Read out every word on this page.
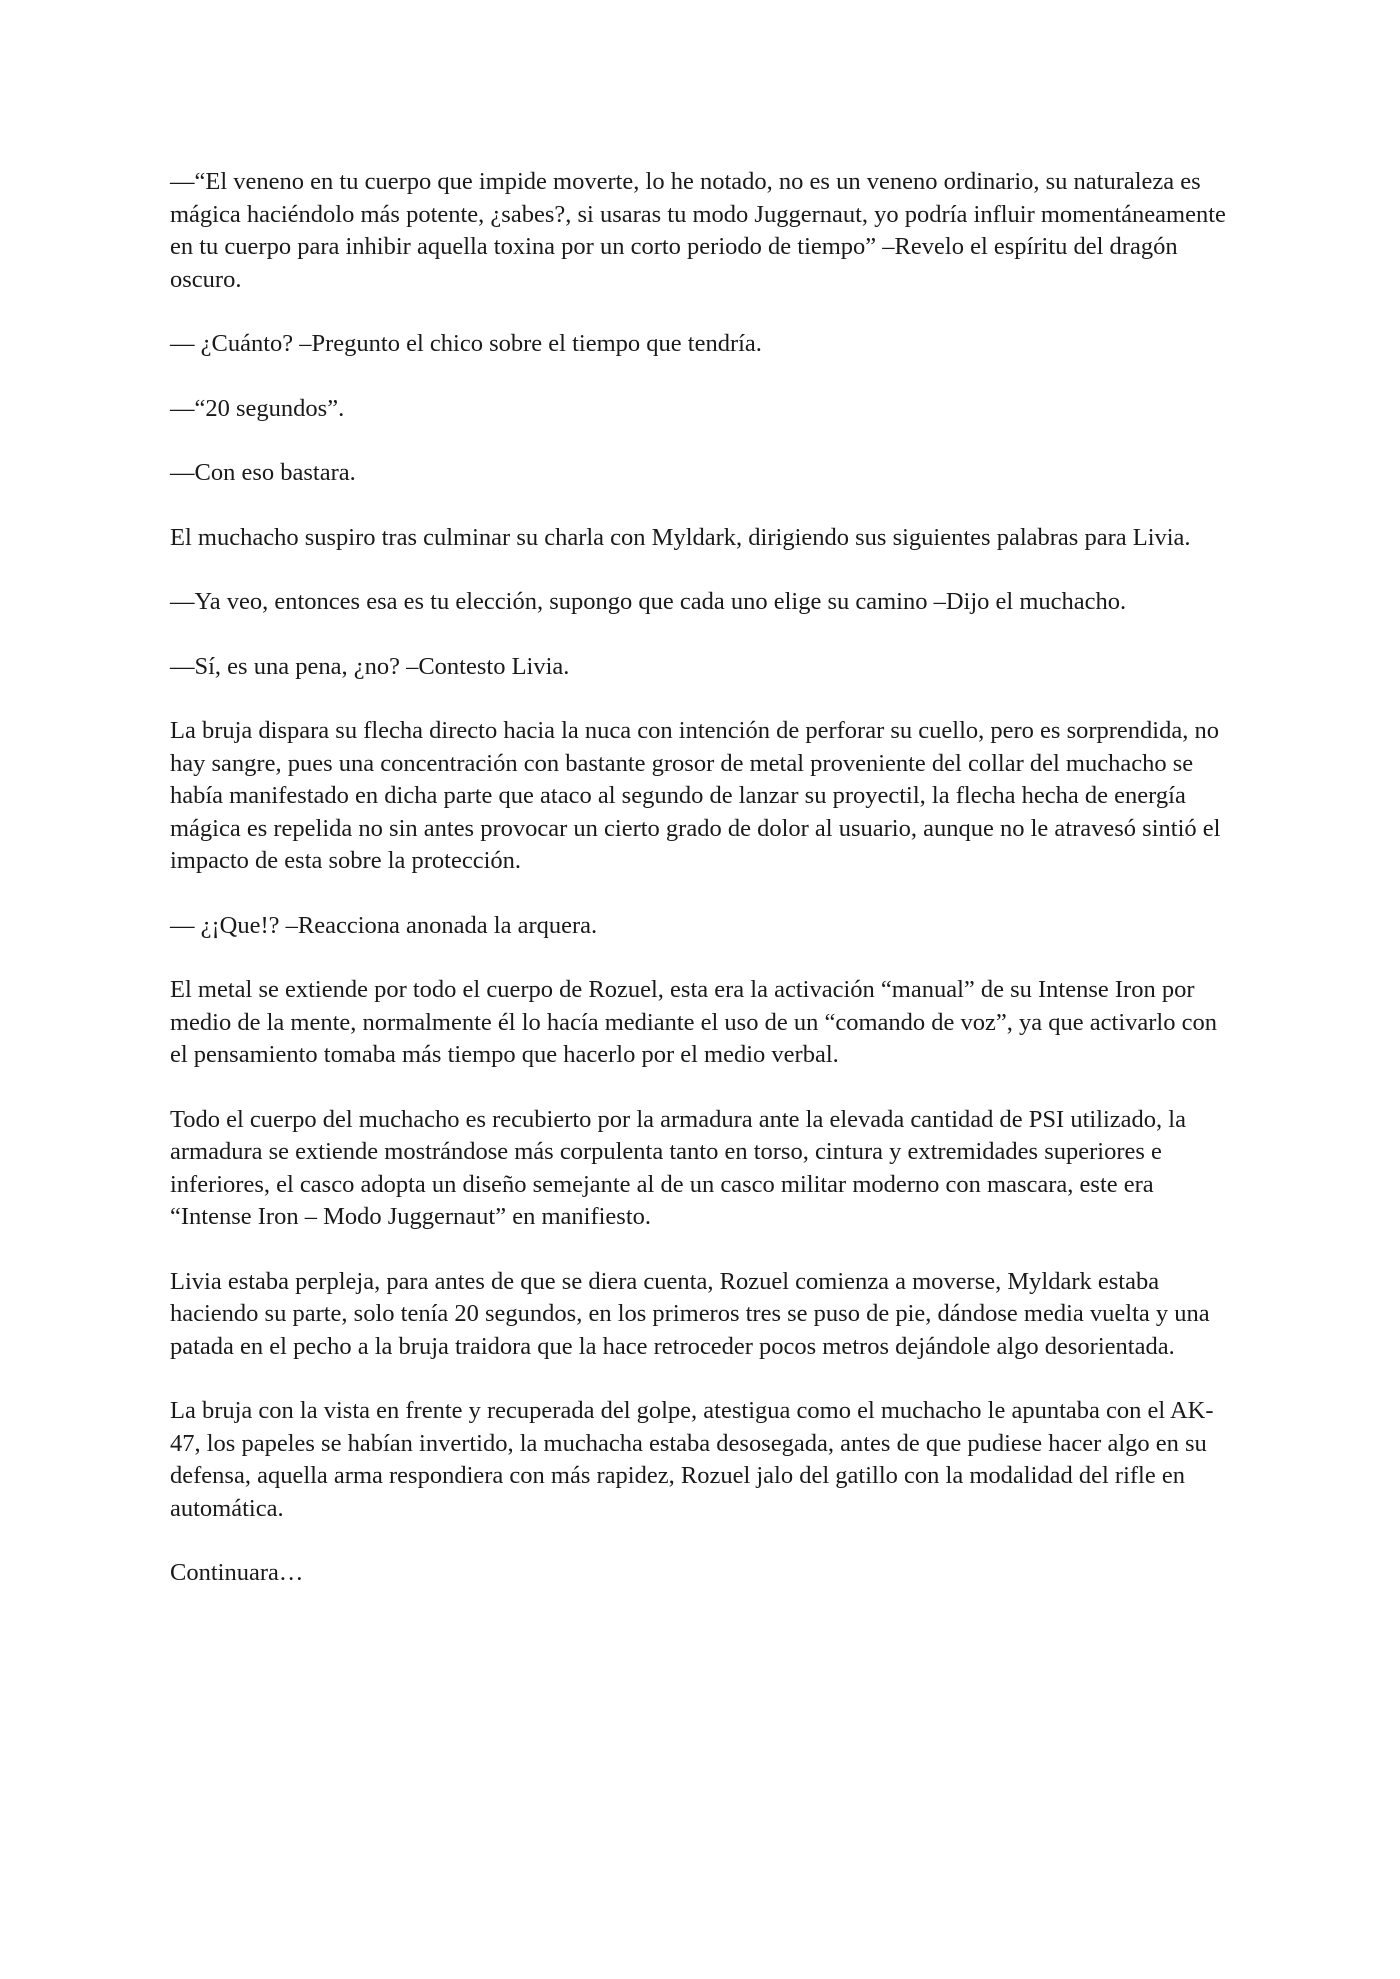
—“El veneno en tu cuerpo que impide moverte, lo he notado, no es un veneno ordinario, su naturaleza es mágica haciéndolo más potente, ¿sabes?, si usaras tu modo Juggernaut, yo podría influir momentáneamente en tu cuerpo para inhibir aquella toxina por un corto periodo de tiempo” –Revelo el espíritu del dragón oscuro.

— ¿Cuánto? –Pregunto el chico sobre el tiempo que tendría.

—“20 segundos”.

—Con eso bastara.

El muchacho suspiro tras culminar su charla con Myldark, dirigiendo sus siguientes palabras para Livia.

—Ya veo, entonces esa es tu elección, supongo que cada uno elige su camino –Dijo el muchacho.

—Sí, es una pena, ¿no? –Contesto Livia.

La bruja dispara su flecha directo hacia la nuca con intención de perforar su cuello, pero es sorprendida, no hay sangre, pues una concentración con bastante grosor de metal proveniente del collar del muchacho se había manifestado en dicha parte que ataco al segundo de lanzar su proyectil, la flecha hecha de energía mágica es repelida no sin antes provocar un cierto grado de dolor al usuario, aunque no le atravesó sintió el impacto de esta sobre la protección.

— ¿¡Que!? –Reacciona anonada la arquera.

El metal se extiende por todo el cuerpo de Rozuel, esta era la activación “manual” de su Intense Iron por medio de la mente, normalmente él lo hacía mediante el uso de un “comando de voz”, ya que activarlo con el pensamiento tomaba más tiempo que hacerlo por el medio verbal.

Todo el cuerpo del muchacho es recubierto por la armadura ante la elevada cantidad de PSI utilizado, la armadura se extiende mostrándose más corpulenta tanto en torso, cintura y extremidades superiores e inferiores, el casco adopta un diseño semejante al de un casco militar moderno con mascara, este era “Intense Iron – Modo Juggernaut” en manifiesto.

Livia estaba perpleja, para antes de que se diera cuenta, Rozuel comienza a moverse, Myldark estaba haciendo su parte, solo tenía 20 segundos, en los primeros tres se puso de pie, dándose media vuelta y una patada en el pecho a la bruja traidora que la hace retroceder pocos metros dejándole algo desorientada.

La bruja con la vista en frente y recuperada del golpe, atestigua como el muchacho le apuntaba con el AK-47, los papeles se habían invertido, la muchacha estaba desosegada, antes de que pudiese hacer algo en su defensa, aquella arma respondiera con más rapidez, Rozuel jalo del gatillo con la modalidad del rifle en automática.

Continuara…
